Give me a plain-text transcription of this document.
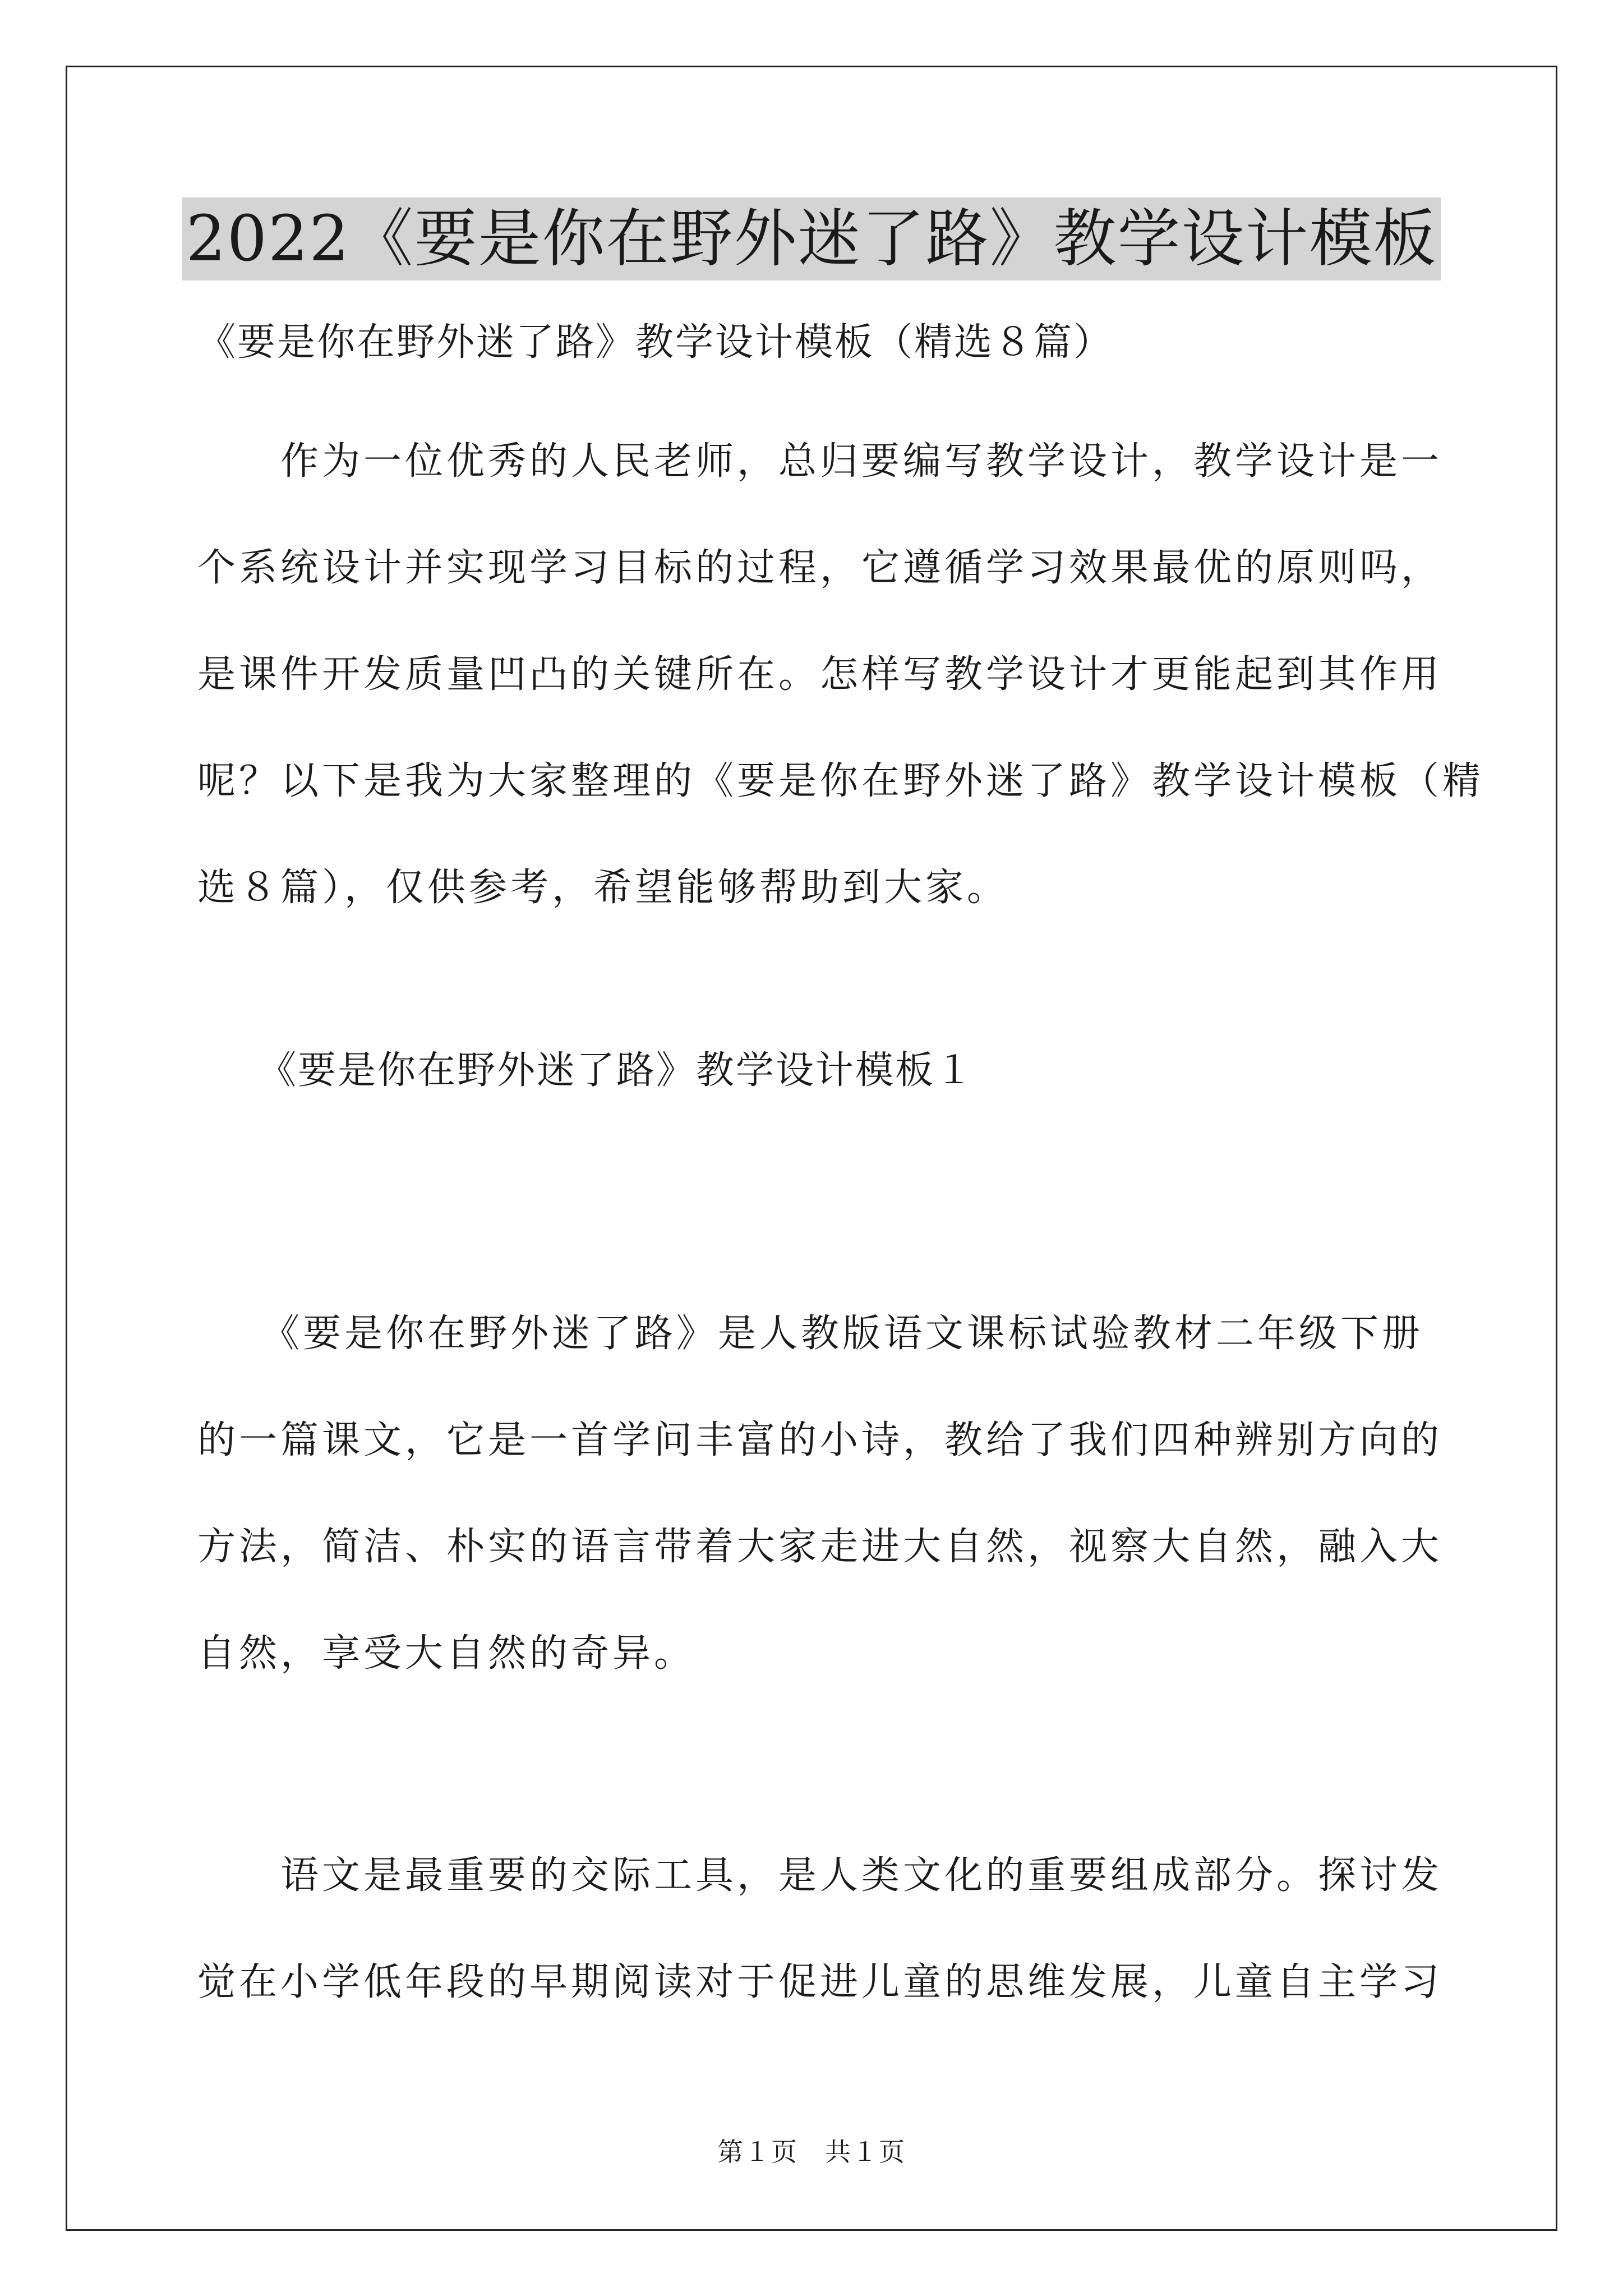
2022《要是你在野外迷了路》教学设计模板
《要是你在野外迷了路》教学设计模板（精选８篇）
　　作为一位优秀的人民老师，总归要编写教学设计，教学设计是一
个系统设计并实现学习目标的过程，它遵循学习效果最优的原则吗，
是课件开发质量凹凸的关键所在。怎样写教学设计才更能起到其作用
呢？以下是我为大家整理的《要是你在野外迷了路》教学设计模板（精
选８篇），仅供参考，希望能够帮助到大家。
　　《要是你在野外迷了路》教学设计模板１
　　《要是你在野外迷了路》是人教版语文课标试验教材二年级下册
的一篇课文，它是一首学问丰富的小诗，教给了我们四种辨别方向的
方法，简洁、朴实的语言带着大家走进大自然，视察大自然，融入大
自然，享受大自然的奇异。
　　语文是最重要的交际工具，是人类文化的重要组成部分。探讨发
觉在小学低年段的早期阅读对于促进儿童的思维发展，儿童自主学习
第１页　共１页
